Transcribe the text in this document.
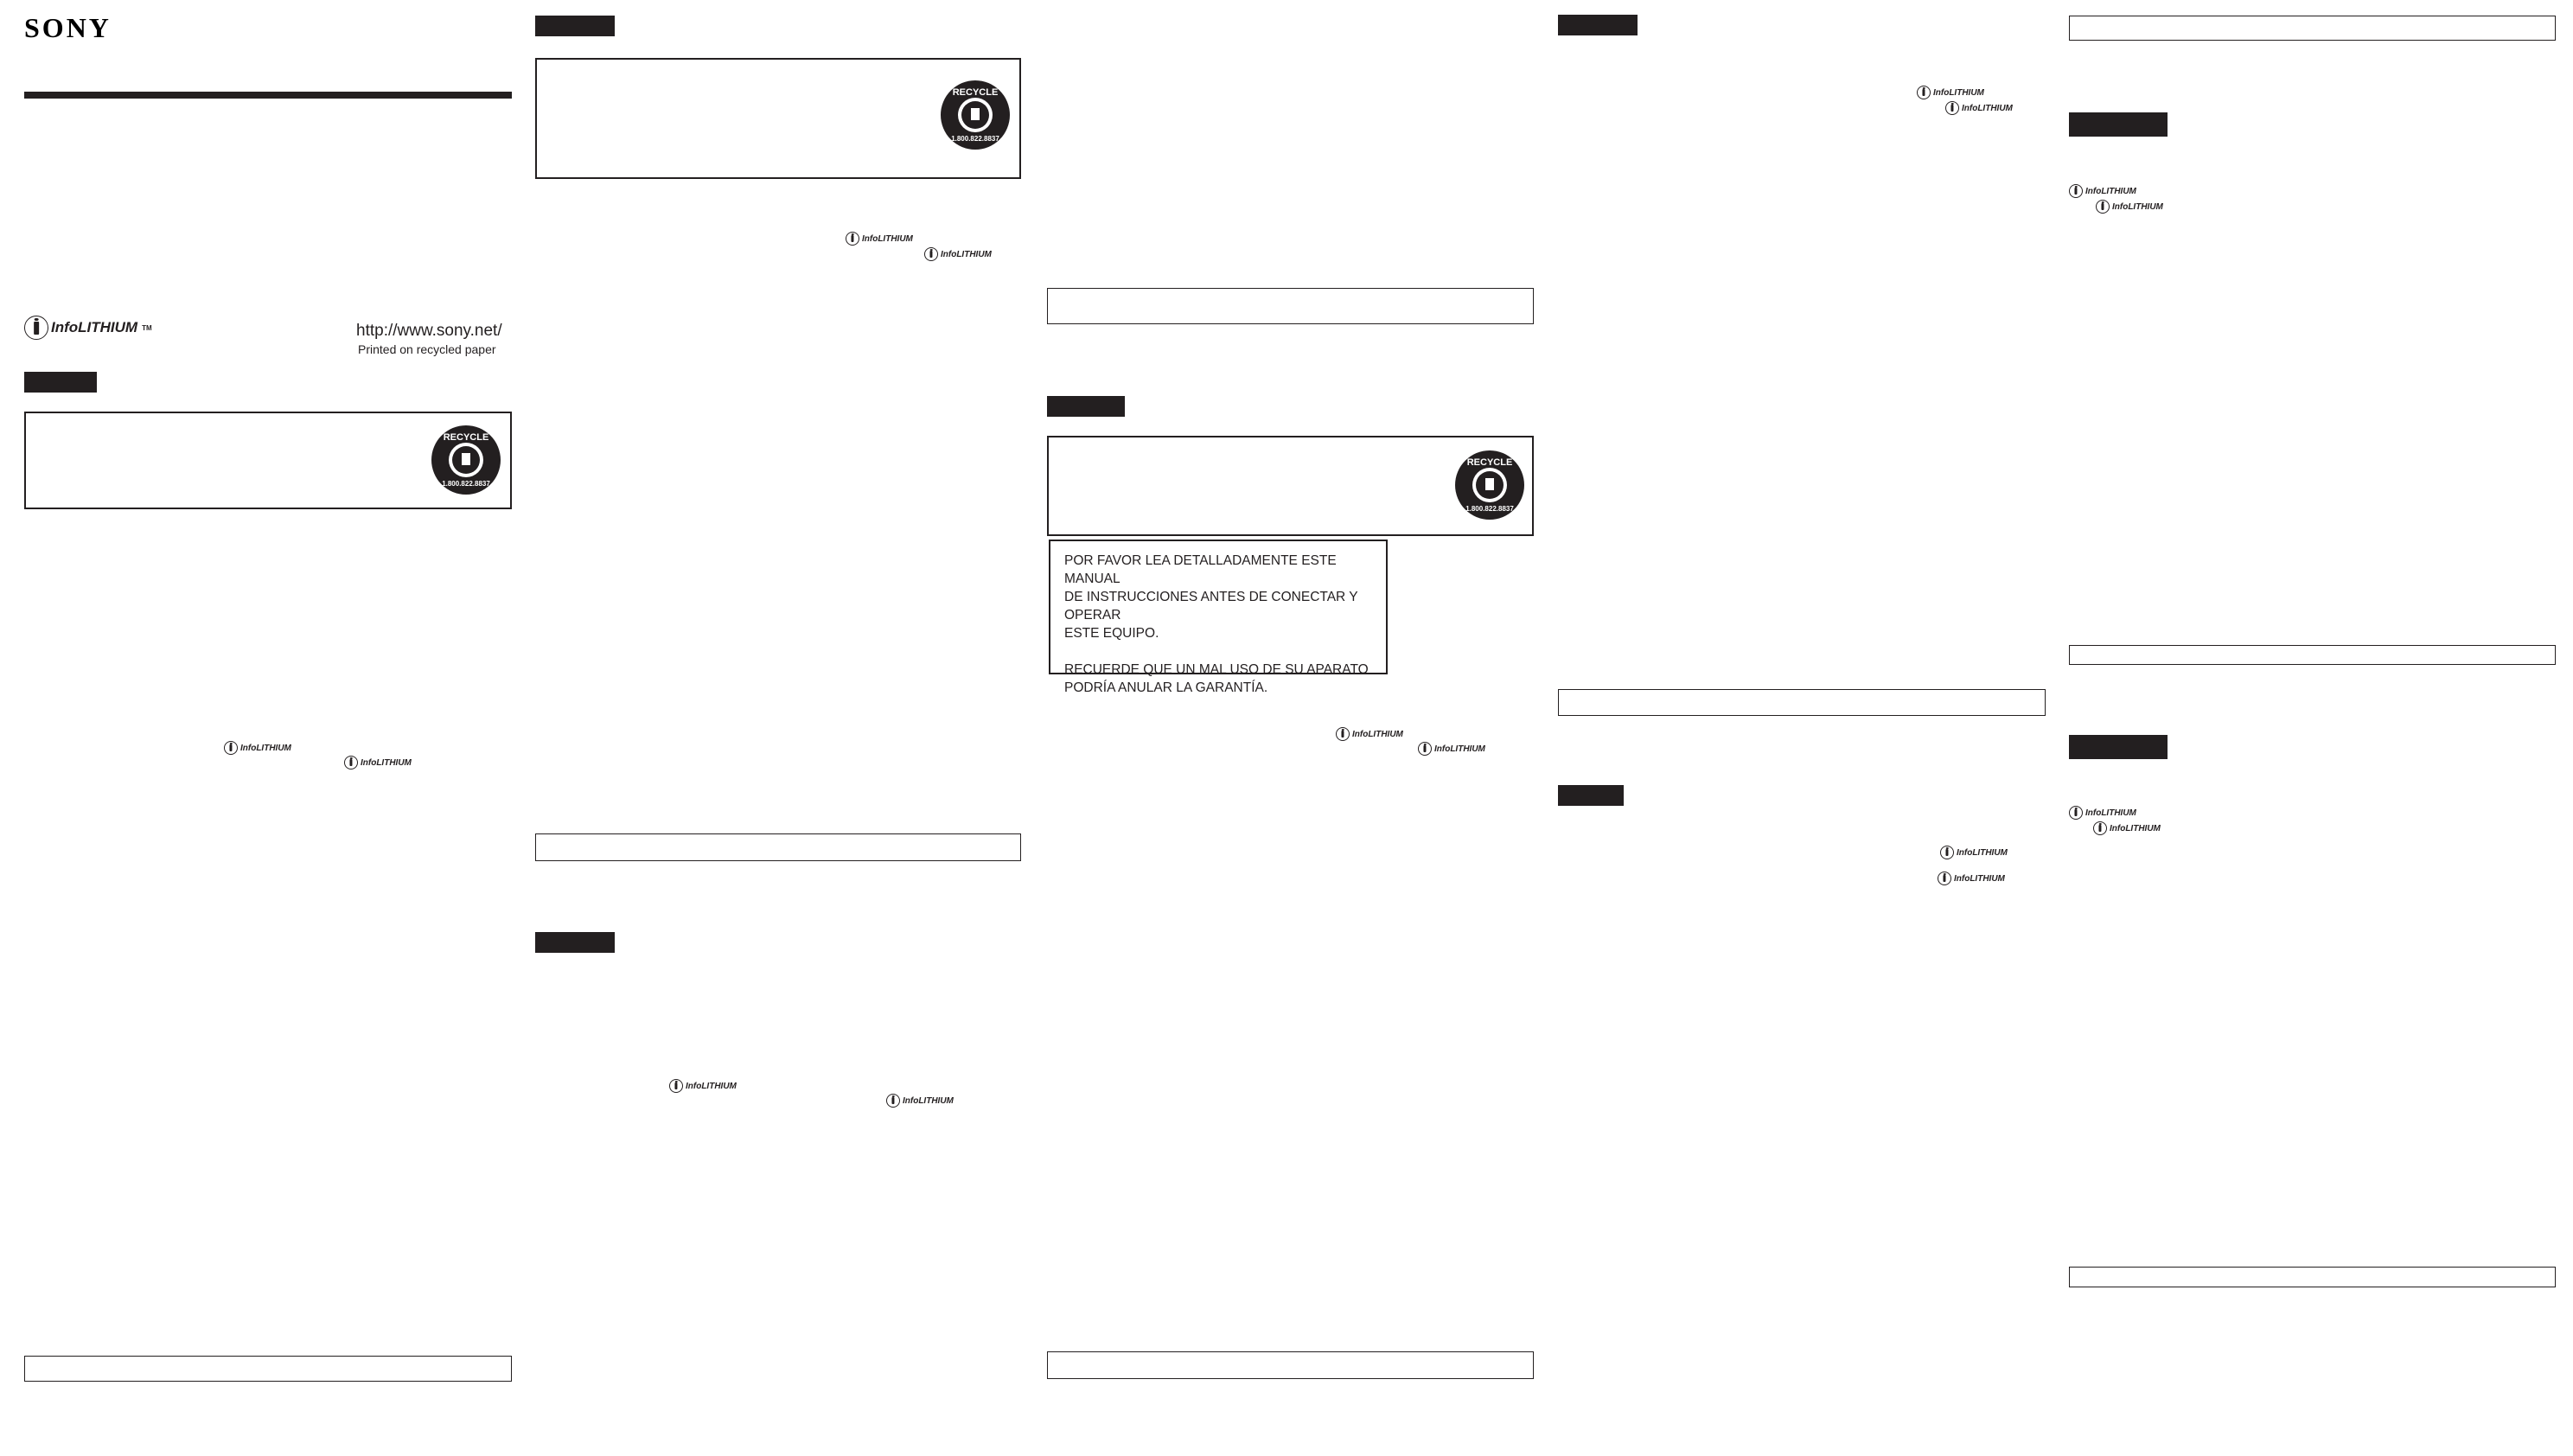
SONY
InfoLITHIUM TM	http://www.sony.net/
Printed on recycled paper
RECYCLE
1.800.822.8837
InfoLITHIUM
InfoLITHIUM
RECYCLE
1.800.822.8837
InfoLITHIUM
InfoLITHIUM
InfoLITHIUM
InfoLITHIUM
RECYCLE
1.800.822.8837

POR FAVOR LEA DETALLADAMENTE ESTE MANUAL

DE INSTRUCCIONES ANTES DE CONECTAR Y OPERAR

ESTE EQUIPO.

RECUERDE QUE UN MAL USO DE SU APARATO

PODRÍA ANULAR LA GARANTÍA.

InfoLITHIUM
InfoLITHIUM
InfoLITHIUM
InfoLITHIUM
InfoLITHIUM
InfoLITHIUM
InfoLITHIUM
InfoLITHIUM
InfoLITHIUM
InfoLITHIUM
